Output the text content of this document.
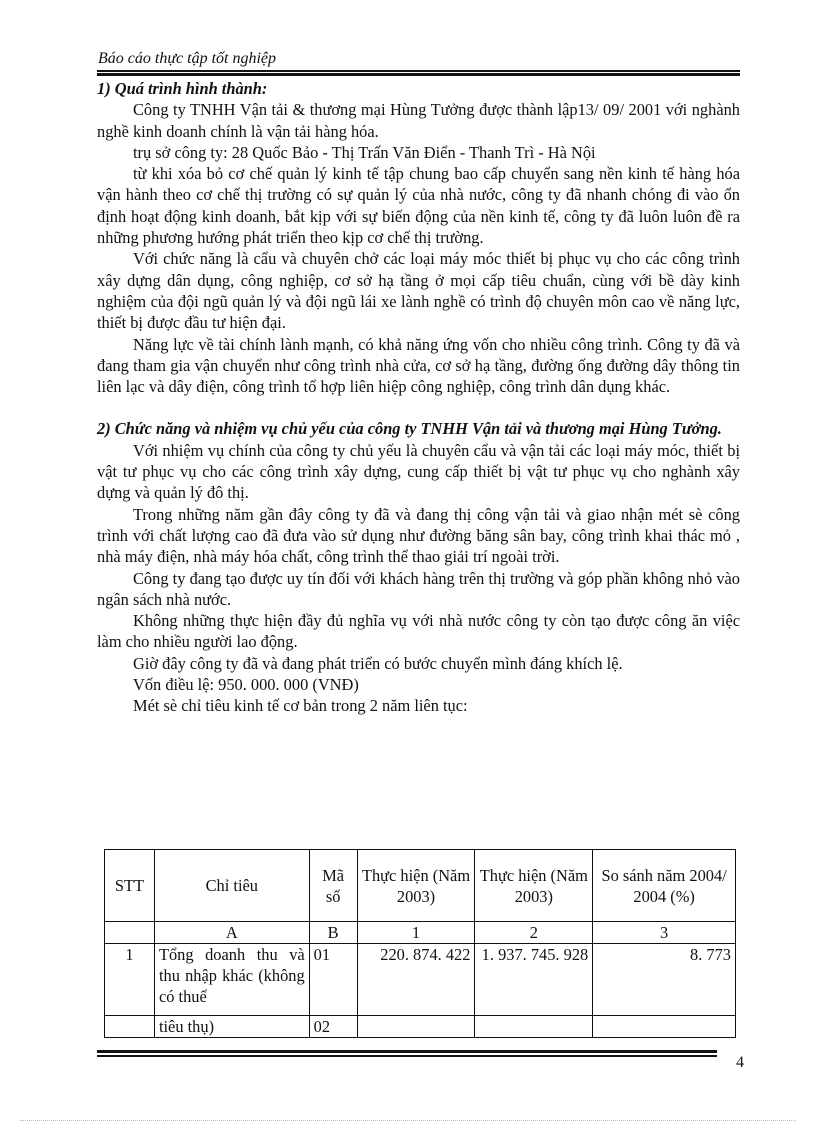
Báo cáo thực tập tốt nghiệp
1) Quá trình hình thành:

Công ty TNHH Vận tải & thương mại Hùng Tưởng được thành lập13/ 09/ 2001 với nghành nghề kinh doanh chính là vận tải hàng hóa.

trụ sở công ty: 28 Quốc Bảo - Thị Trấn Văn Điển - Thanh Trì - Hà Nội

từ khi xóa bỏ cơ chế quản lý kinh tế tập chung bao cấp chuyển sang nền kinh tế hàng hóa vận hành theo cơ chế thị trường có sự quản lý của nhà nước, công ty đã nhanh chóng đi vào ổn định hoạt động kinh doanh, bắt kịp với sự biến động của nền kinh tế, công ty đã luôn luôn đề ra những phương hướng phát triển theo kịp cơ chế thị trường.

Với chức năng là cẩu và chuyên chở các loại máy móc thiết bị phục vụ cho các công trình xây dựng dân dụng, công nghiệp, cơ sở hạ tầng ở mọi cấp tiêu chuẩn, cùng với bề dày kinh nghiệm của đội ngũ quản lý và đội ngũ lái xe lành nghề có trình độ chuyên môn cao về năng lực, thiết bị được đầu tư hiện đại.

Năng lực về tài chính lành mạnh, có khả năng ứng vốn cho nhiều công trình. Công ty đã và đang tham gia vận chuyển như công trình nhà cửa, cơ sở hạ tầng, đường ống đường dây thông tin liên lạc và dây điện, công trình tổ hợp liên hiệp công nghiệp, công trình dân dụng khác.

2) Chức năng và nhiệm vụ chủ yếu của công ty TNHH Vận tải và thương mại Hùng Tưởng.

Với nhiệm vụ chính của công ty chủ yếu là chuyên cẩu và vận tải các loại máy móc, thiết bị vật tư phục vụ cho các công trình xây dựng, cung cấp thiết bị vật tư phục vụ cho nghành xây dựng và quản lý đô thị.

Trong những năm gần đây công ty đã và đang thị công vận tải và giao nhận mét sè công trình với chất lượng cao đã đưa vào sử dụng như đường băng sân bay, công trình khai thác mỏ , nhà máy điện, nhà máy hóa chất, công trình thể thao giải trí ngoài trời.

Công ty đang tạo được uy tín đối với khách hàng trên thị trường và góp phần không nhỏ vào ngân sách nhà nước.

Không những thực hiện đầy đủ nghĩa vụ với nhà nước công ty còn tạo được công ăn việc làm cho nhiều người lao động.

Giờ đây công ty đã và đang phát triển có bước chuyển mình đáng khích lệ.

Vốn điều lệ: 950. 000. 000 (VNĐ)

Mét sè chỉ tiêu kinh tế cơ bản trong 2 năm liên tục:

STT	Chỉ tiêu	Mã số	Thực hiện (Năm 2003)	Thực hiện (Năm 2003)	So sánh năm 2004/ 2004 (%)
	A	B	1	2	3
1	Tổng doanh thu và thu nhập khác (không có thuế	01	220. 874. 422	1. 937. 745. 928	8. 773
	tiêu thụ)	02			
4
